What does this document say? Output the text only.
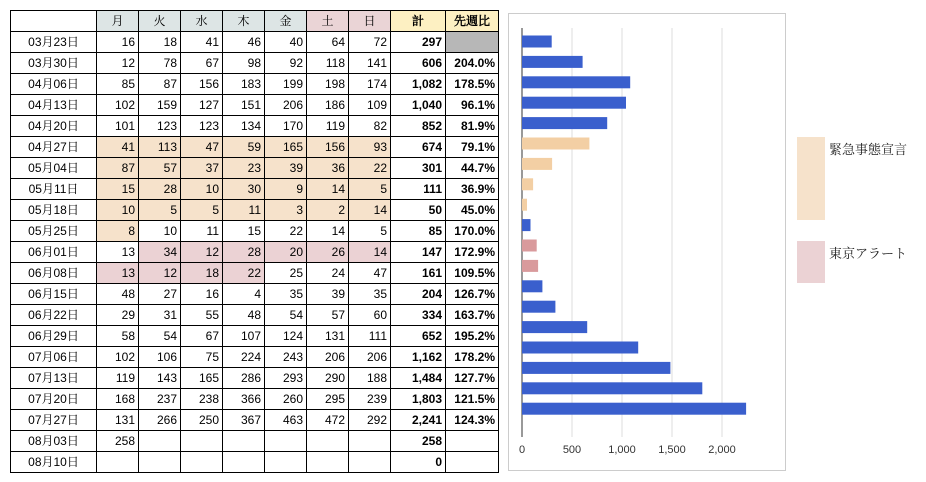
	月	火	水	木	金	土	日	計	先週比
03月23日	16	18	41	46	40	64	72	297	
03月30日	12	78	67	98	92	118	141	606	204.0%
04月06日	85	87	156	183	199	198	174	1,082	178.5%
04月13日	102	159	127	151	206	186	109	1,040	96.1%
04月20日	101	123	123	134	170	119	82	852	81.9%
04月27日	41	113	47	59	165	156	93	674	79.1%
05月04日	87	57	37	23	39	36	22	301	44.7%
05月11日	15	28	10	30	9	14	5	111	36.9%
05月18日	10	5	5	11	3	2	14	50	45.0%
05月25日	8	10	11	15	22	14	5	85	170.0%
06月01日	13	34	12	28	20	26	14	147	172.9%
06月08日	13	12	18	22	25	24	47	161	109.5%
06月15日	48	27	16	4	35	39	35	204	126.7%
06月22日	29	31	55	48	54	57	60	334	163.7%
06月29日	58	54	67	107	124	131	111	652	195.2%
07月06日	102	106	75	224	243	206	206	1,162	178.2%
07月13日	119	143	165	286	293	290	188	1,484	127.7%
07月20日	168	237	238	366	260	295	239	1,803	121.5%
07月27日	131	266	250	367	463	472	292	2,241	124.3%
08月03日	258							258	
08月10日								0	
0	500 1,000 1,500 2,000
緊急事態宣言
東京アラート
